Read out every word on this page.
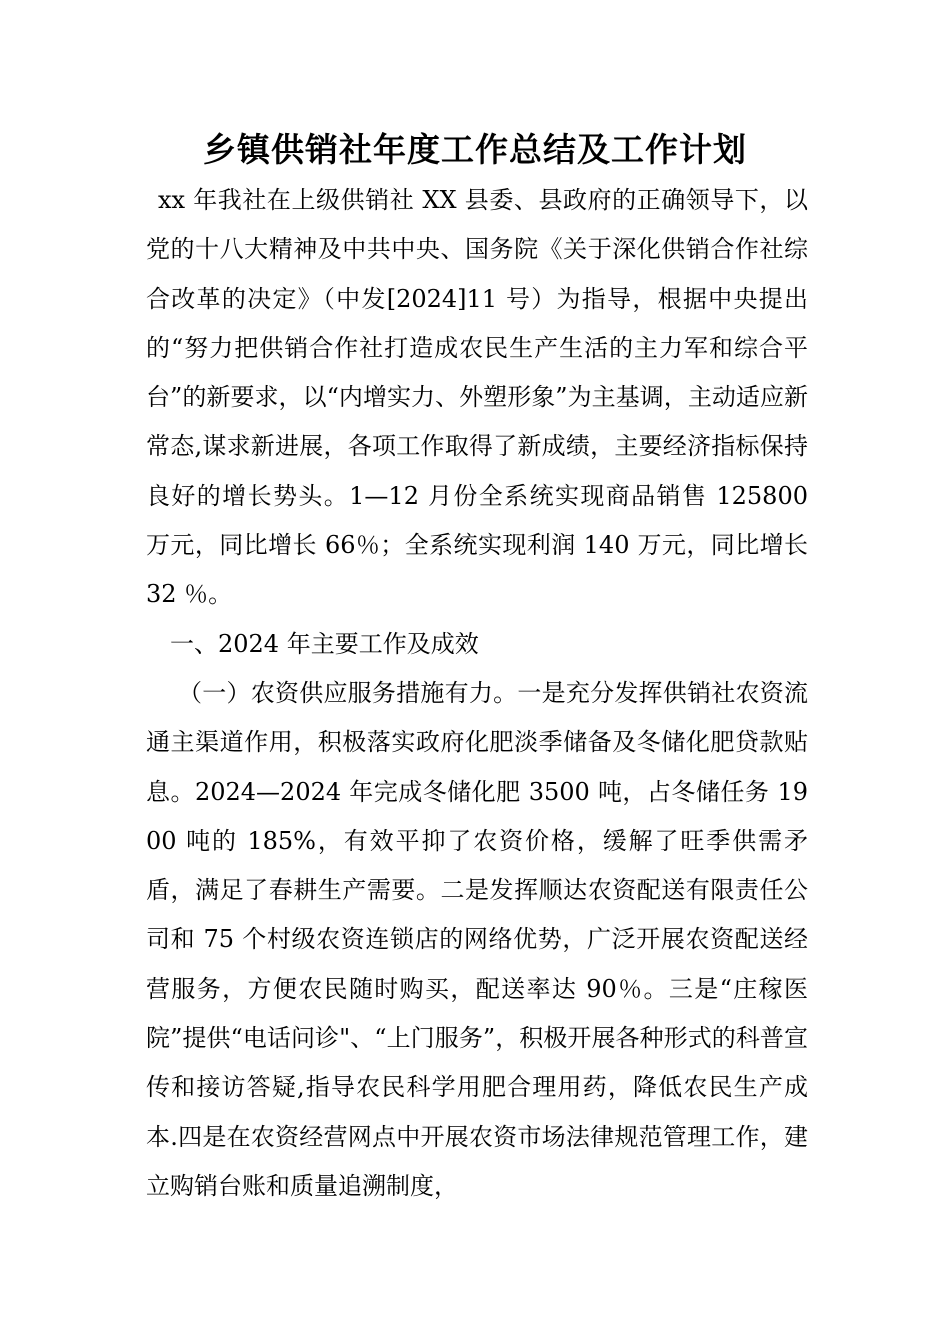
乡镇供销社年度工作总结及工作计划

xx 年我社在上级供销社 XX 县委、县政府的正确领导下，以党的十八大精神及中共中央、国务院《关于深化供销合作社综合改革的决定》（中发[2024]11 号）为指导，根据中央提出的“努力把供销合作社打造成农民生产生活的主力军和综合平台”的新要求，以“内增实力、外塑形象”为主基调，主动适应新常态,谋求新进展，各项工作取得了新成绩，主要经济指标保持良好的增长势头。1—12 月份全系统实现商品销售 125800 万元，同比增长 66％；全系统实现利润 140 万元，同比增长 32 ％。

一、2024 年主要工作及成效

（一）农资供应服务措施有力。一是充分发挥供销社农资流通主渠道作用，积极落实政府化肥淡季储备及冬储化肥贷款贴息。2024—2024 年完成冬储化肥 3500 吨，占冬储任务 1900 吨的 185%，有效平抑了农资价格，缓解了旺季供需矛盾，满足了春耕生产需要。二是发挥顺达农资配送有限责任公司和 75 个村级农资连锁店的网络优势，广泛开展农资配送经营服务，方便农民随时购买，配送率达 90％。三是“庄稼医院”提供“电话问诊"、“上门服务”，积极开展各种形式的科普宣传和接访答疑,指导农民科学用肥合理用药，降低农民生产成本.四是在农资经营网点中开展农资市场法律规范管理工作，建立购销台账和质量追溯制度，
